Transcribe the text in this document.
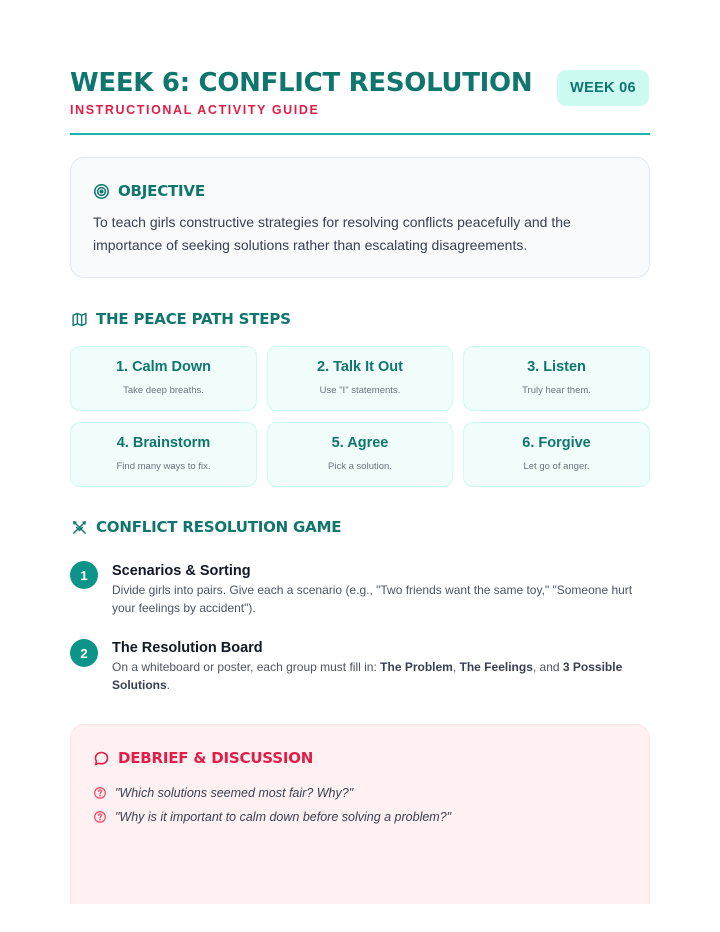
WEEK 6: CONFLICT RESOLUTION
INSTRUCTIONAL ACTIVITY GUIDE
WEEK 06
OBJECTIVE
To teach girls constructive strategies for resolving conflicts peacefully and the importance of seeking solutions rather than escalating disagreements.
THE PEACE PATH STEPS
1. Calm Down
Take deep breaths.
2. Talk It Out
Use "I" statements.
3. Listen
Truly hear them.
4. Brainstorm
Find many ways to fix.
5. Agree
Pick a solution.
6. Forgive
Let go of anger.
CONFLICT RESOLUTION GAME
1	Scenarios & Sorting
Divide girls into pairs. Give each a scenario (e.g., "Two friends want the same toy," "Someone hurt your feelings by accident").
2	The Resolution Board
On a whiteboard or poster, each group must fill in: The Problem, The Feelings, and 3 Possible Solutions.
DEBRIEF & DISCUSSION
"Which solutions seemed most fair? Why?"
"Why is it important to calm down before solving a problem?"
